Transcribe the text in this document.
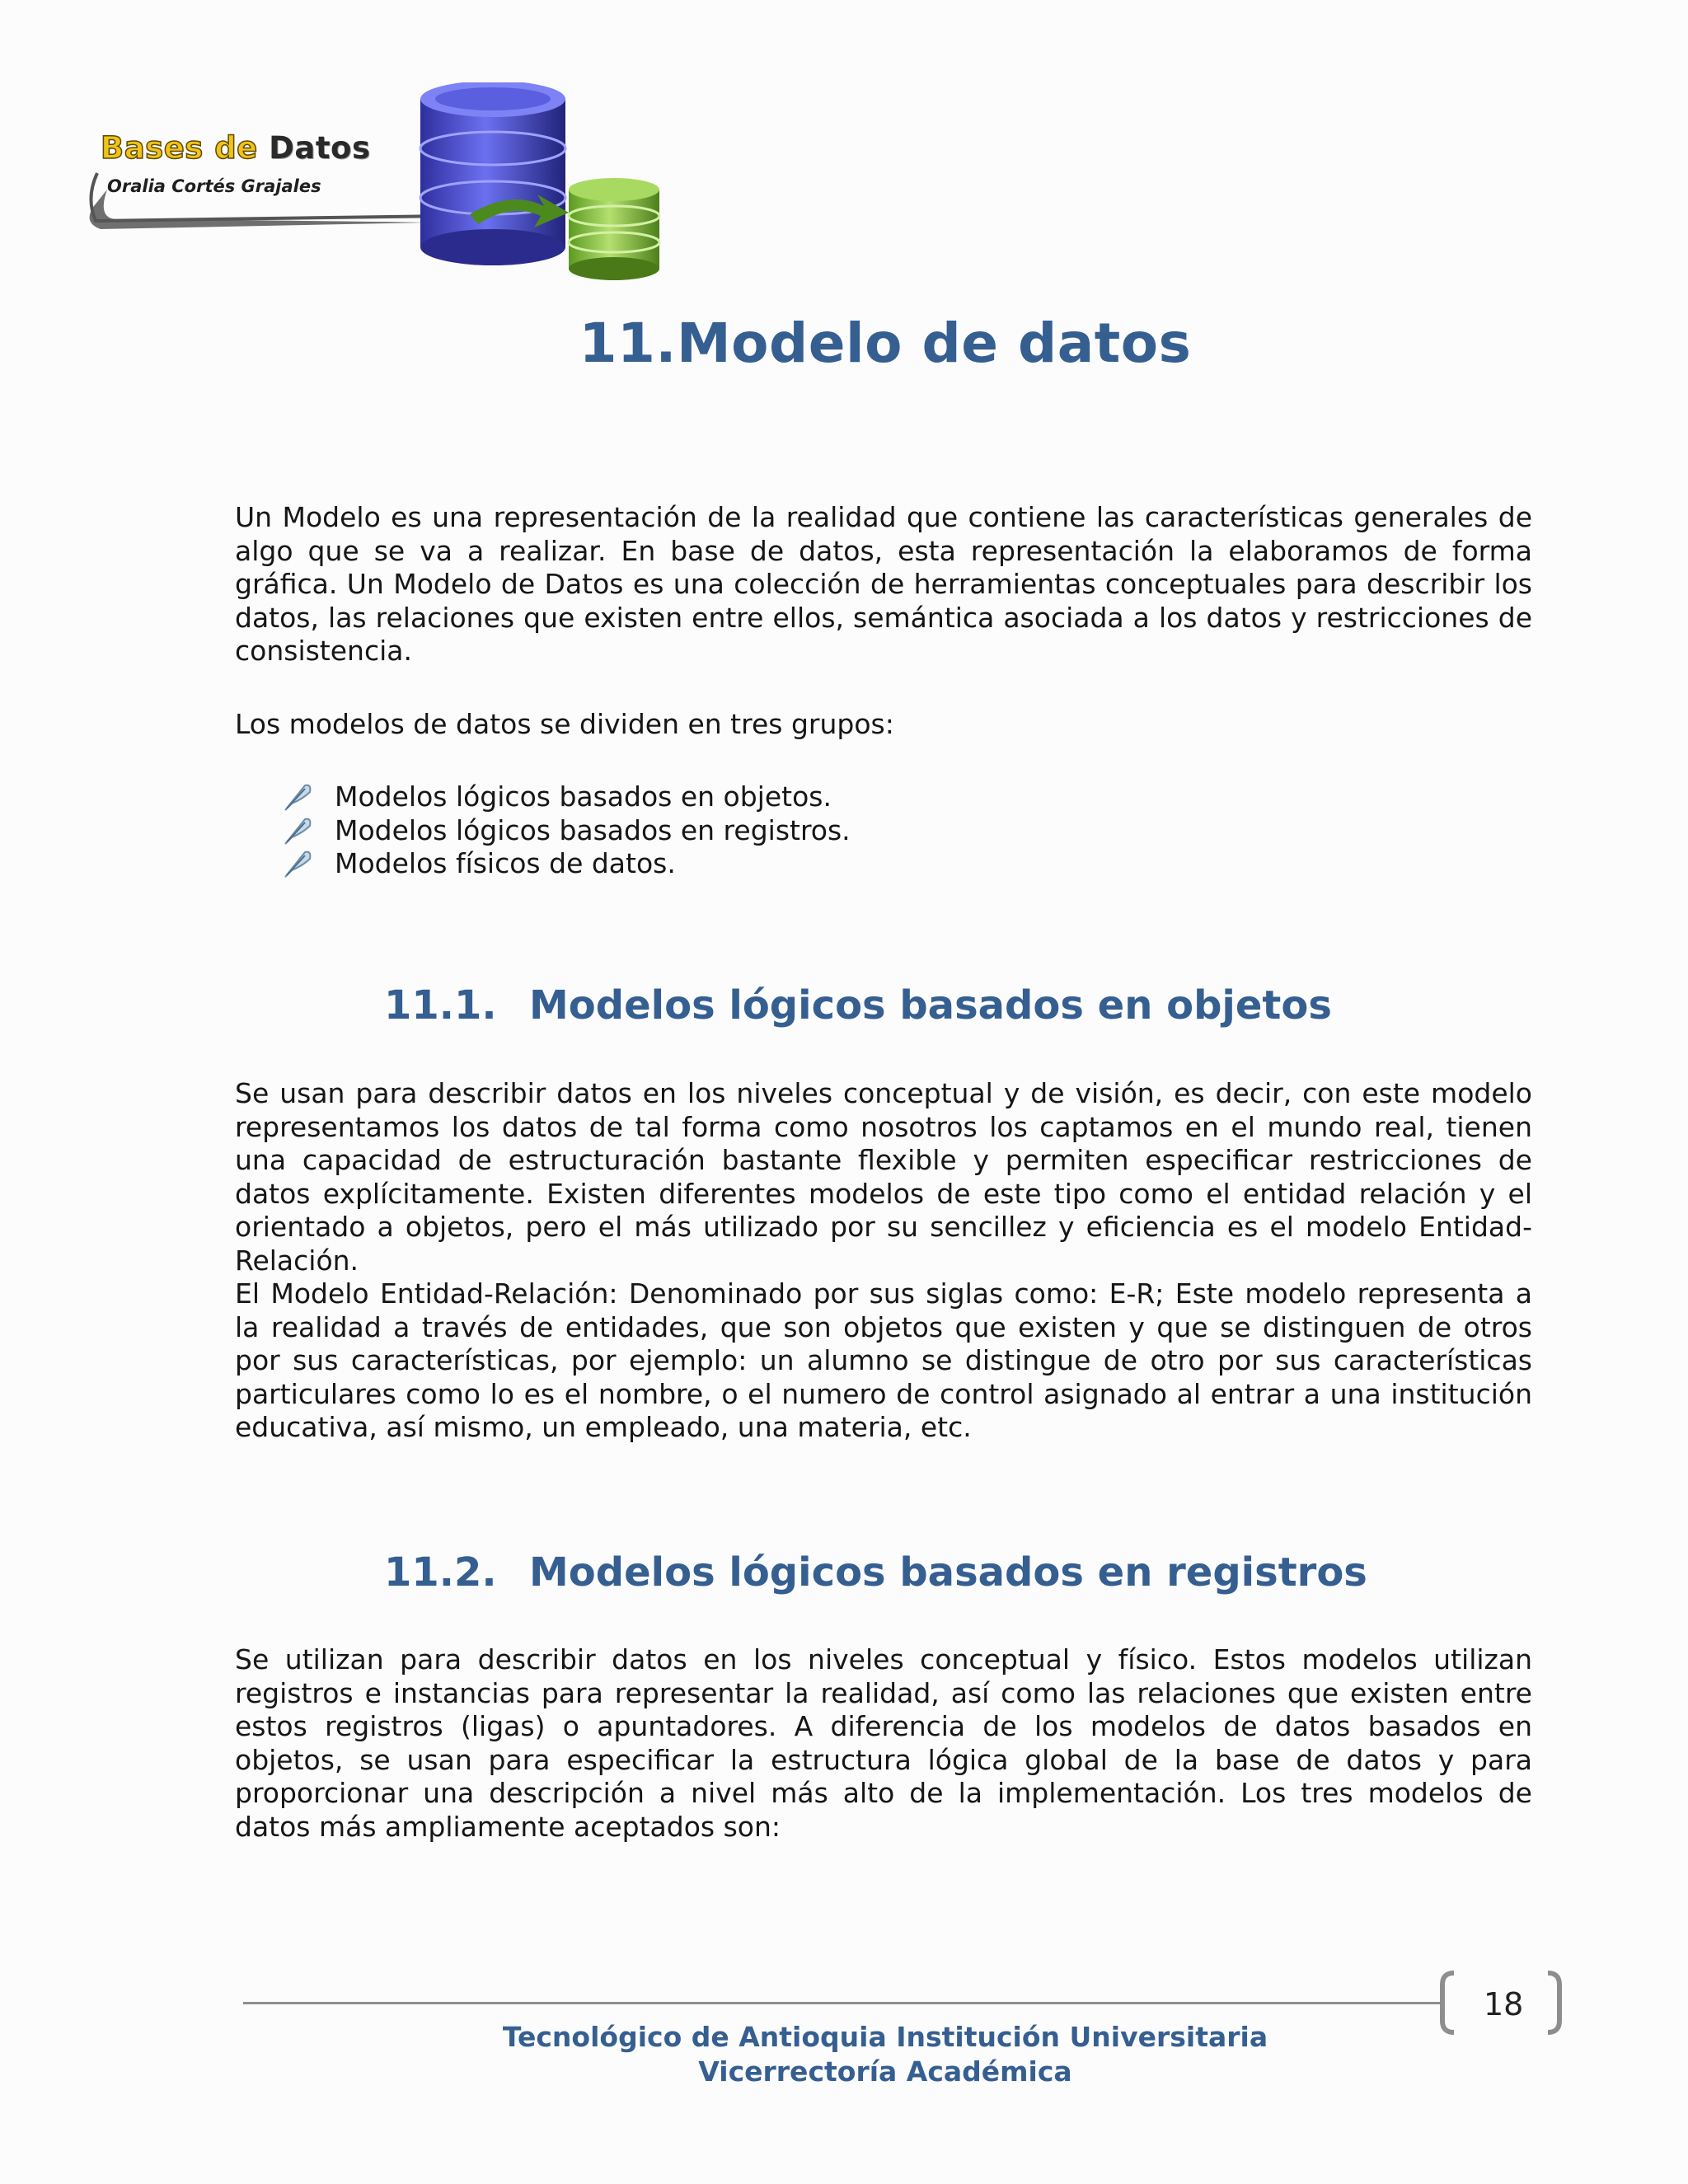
Bases de Datos
Oralia Cortés Grajales
11.Modelo de datos
Un Modelo es una representación de la realidad que contiene las características generales de algo que se va a realizar. En base de datos, esta representación la elaboramos de forma gráfica. Un Modelo de Datos es una colección de herramientas conceptuales para describir los datos, las relaciones que existen entre ellos, semántica asociada a los datos y restricciones de consistencia.
Los modelos de datos se dividen en tres grupos:
Modelos lógicos basados en objetos.
Modelos lógicos basados en registros.
Modelos físicos de datos.
11.1. Modelos lógicos basados en objetos
Se usan para describir datos en los niveles conceptual y de visión, es decir, con este modelo representamos los datos de tal forma como nosotros los captamos en el mundo real, tienen una capacidad de estructuración bastante flexible y permiten especificar restricciones de datos explícitamente. Existen diferentes modelos de este tipo como el entidad relación y el orientado a objetos, pero el más utilizado por su sencillez y eficiencia es el modelo Entidad-Relación.
El Modelo Entidad-Relación: Denominado por sus siglas como: E-R; Este modelo representa a la realidad a través de entidades, que son objetos que existen y que se distinguen de otros por sus características, por ejemplo: un alumno se distingue de otro por sus características particulares como lo es el nombre, o el numero de control asignado al entrar a una institución educativa, así mismo, un empleado, una materia, etc.
11.2. Modelos lógicos basados en registros
Se utilizan para describir datos en los niveles conceptual y físico. Estos modelos utilizan registros e instancias para representar la realidad, así como las relaciones que existen entre estos registros (ligas) o apuntadores. A diferencia de los modelos de datos basados en objetos, se usan para especificar la estructura lógica global de la base de datos y para proporcionar una descripción a nivel más alto de la implementación. Los tres modelos de datos más ampliamente aceptados son:
18
Tecnológico de Antioquia Institución Universitaria
Vicerrectoría Académica
